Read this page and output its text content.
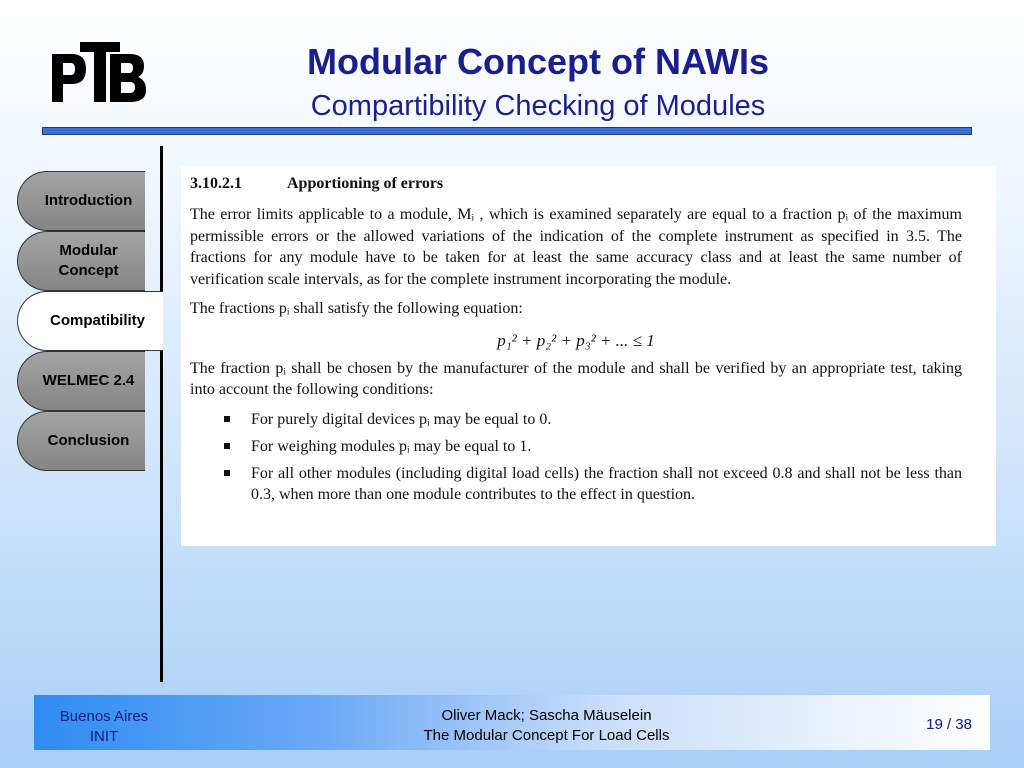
Modular Concept of NAWIs
Compartibility Checking of Modules
Introduction
Modular
Concept
Compatibility
WELMEC 2.4
Conclusion
3.10.2.1	Apportioning of errors

The error limits applicable to a module, Mᵢ , which is examined separately are equal to a fraction pᵢ of the maximum permissible errors or the allowed variations of the indication of the complete instrument as specified in 3.5. The fractions for any module have to be taken for at least the same accuracy class and at least the same number of verification scale intervals, as for the complete instrument incorporating the module.

The fractions pᵢ shall satisfy the following equation:

p₁² + p₂² + p₃² + ... ≤ 1

The fraction pᵢ shall be chosen by the manufacturer of the module and shall be verified by an appropriate test, taking into account the following conditions:

For purely digital devices pᵢ may be equal to 0.
For weighing modules pᵢ may be equal to 1.
For all other modules (including digital load cells) the fraction shall not exceed 0.8 and shall not be less than 0.3, when more than one module contributes to the effect in question.
Buenos Aires
INIT
Oliver Mack; Sascha Mäuselein
The Modular Concept For Load Cells
19 / 38
